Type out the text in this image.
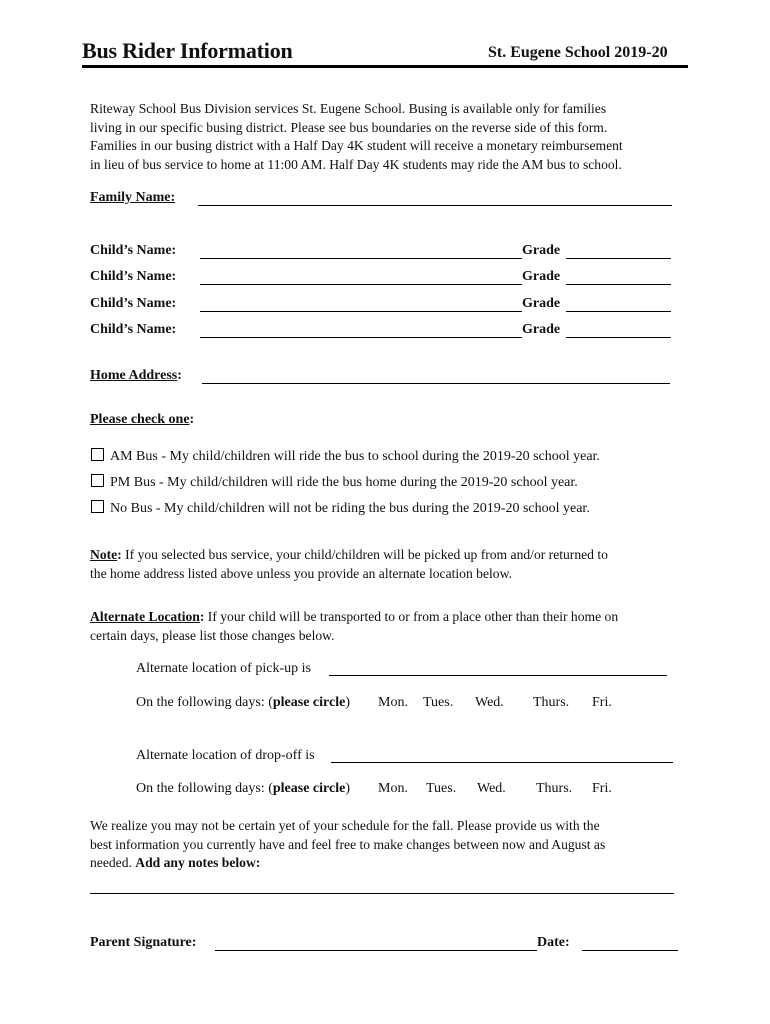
Bus Rider Information	St. Eugene School 2019-20
Riteway School Bus Division services St. Eugene School. Busing is available only for families
living in our specific busing district. Please see bus boundaries on the reverse side of this form.
Families in our busing district with a Half Day 4K student will receive a monetary reimbursement
in lieu of bus service to home at 11:00 AM. Half Day 4K students may ride the AM bus to school.
Family Name:
Child’s Name:	Grade
Child’s Name:	Grade
Child’s Name:	Grade
Child’s Name:	Grade
Home Address:
Please check one:
AM Bus - My child/children will ride the bus to school during the 2019-20 school year.
PM Bus - My child/children will ride the bus home during the 2019-20 school year.
No Bus - My child/children will not be riding the bus during the 2019-20 school year.
Note: If you selected bus service, your child/children will be picked up from and/or returned to
the home address listed above unless you provide an alternate location below.
Alternate Location: If your child will be transported to or from a place other than their home on
certain days, please list those changes below.
Alternate location of pick-up is
On the following days: (please circle) Mon. Tues. Wed. Thurs. Fri.
Alternate location of drop-off is
On the following days: (please circle) Mon. Tues. Wed. Thurs. Fri.
We realize you may not be certain yet of your schedule for the fall. Please provide us with the
best information you currently have and feel free to make changes between now and August as
needed. Add any notes below:
Parent Signature:	Date:
